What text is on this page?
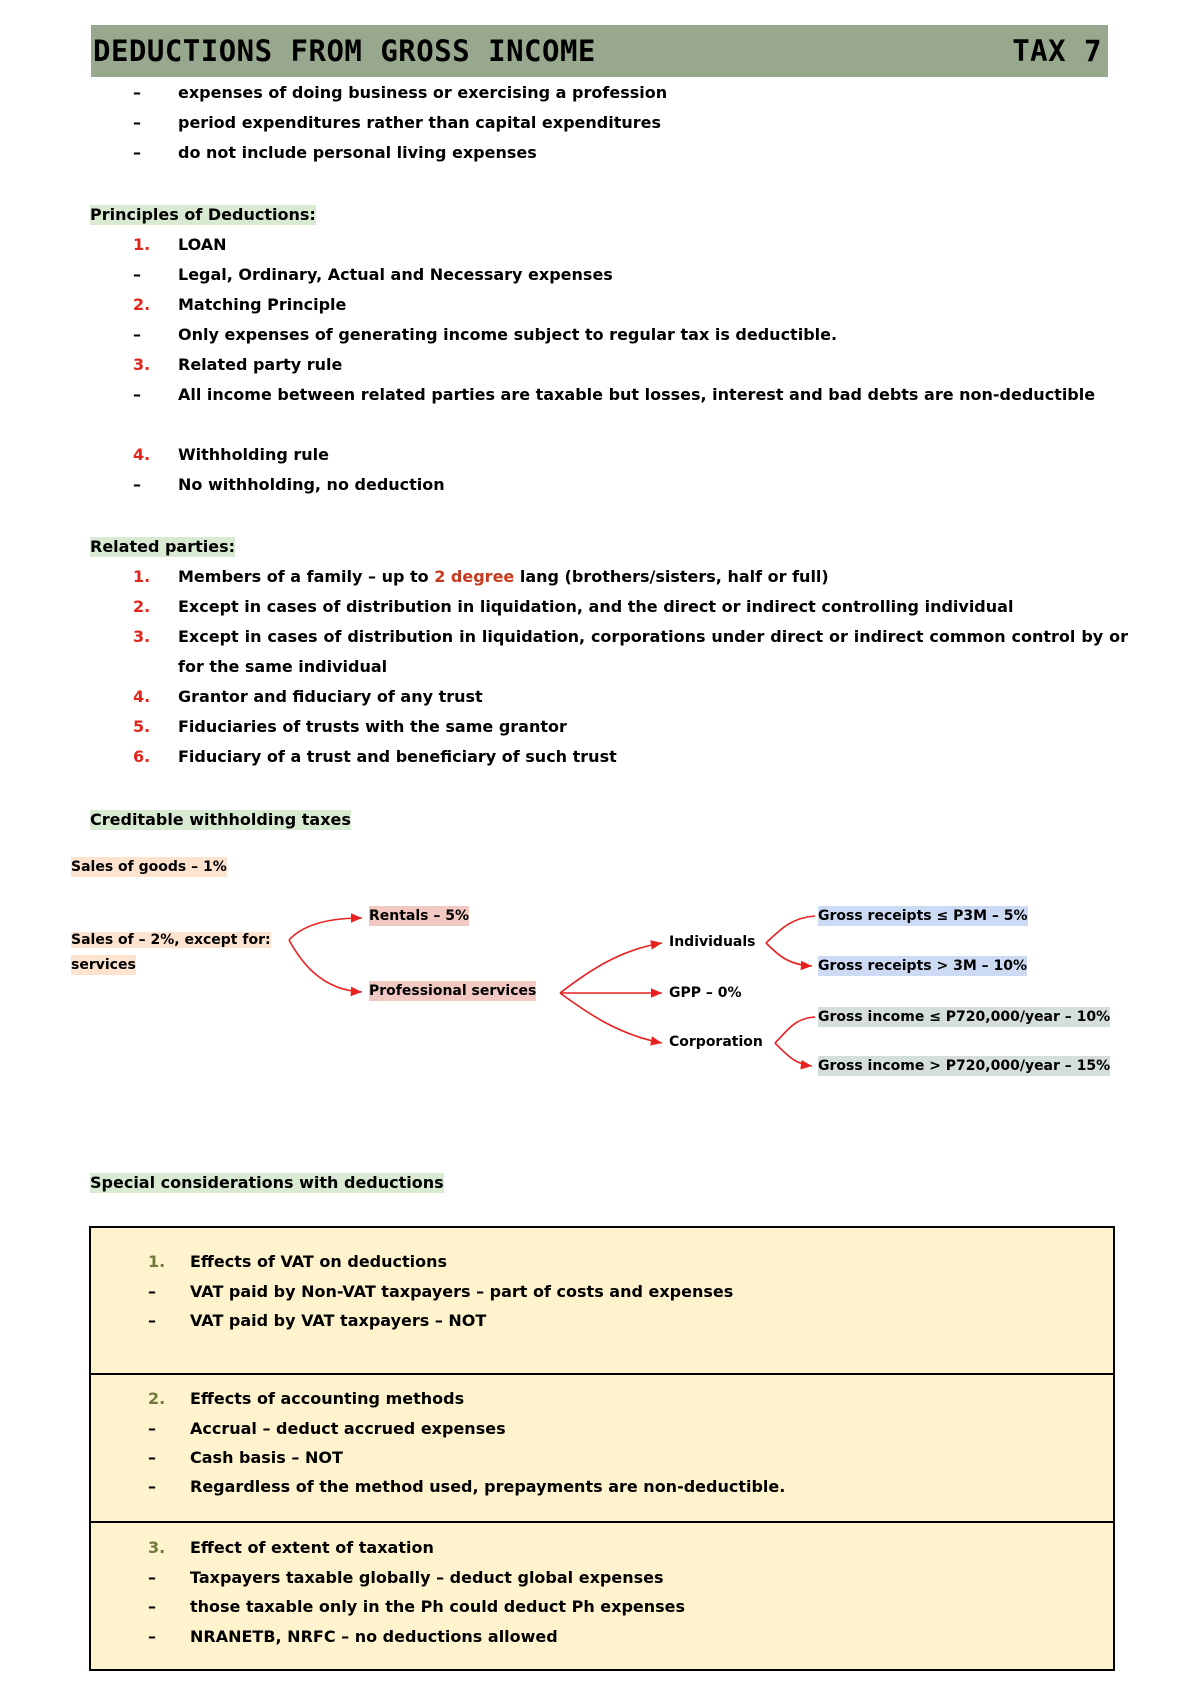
DEDUCTIONS FROM GROSS INCOME	TAX 7
– expenses of doing business or exercising a profession
– period expenditures rather than capital expenditures
– do not include personal living expenses
Principles of Deductions:
1. LOAN
– Legal, Ordinary, Actual and Necessary expenses
2. Matching Principle
– Only expenses of generating income subject to regular tax is deductible.
3. Related party rule
– All income between related parties are taxable but losses, interest and bad debts are non-deductible
4. Withholding rule
– No withholding, no deduction
Related parties:
1. Members of a family – up to 2 degree lang (brothers/sisters, half or full)
2. Except in cases of distribution in liquidation, and the direct or indirect controlling individual
3. Except in cases of distribution in liquidation, corporations under direct or indirect common control by or for the same individual
4. Grantor and fiduciary of any trust
5. Fiduciaries of trusts with the same grantor
6. Fiduciary of a trust and beneficiary of such trust
Creditable withholding taxes
Sales of goods – 1%
Sales of – 2%, except for:
services
Rentals – 5%
Professional services
Individuals
GPP – 0%
Corporation
Gross receipts ≤ P3M – 5%
Gross receipts > 3M – 10%
Gross income ≤ P720,000/year – 10%
Gross income > P720,000/year – 15%
Special considerations with deductions
1. Effects of VAT on deductions
– VAT paid by Non-VAT taxpayers – part of costs and expenses
– VAT paid by VAT taxpayers – NOT
2. Effects of accounting methods
– Accrual – deduct accrued expenses
– Cash basis – NOT
– Regardless of the method used, prepayments are non-deductible.
3. Effect of extent of taxation
– Taxpayers taxable globally – deduct global expenses
– those taxable only in the Ph could deduct Ph expenses
– NRANETB, NRFC – no deductions allowed
